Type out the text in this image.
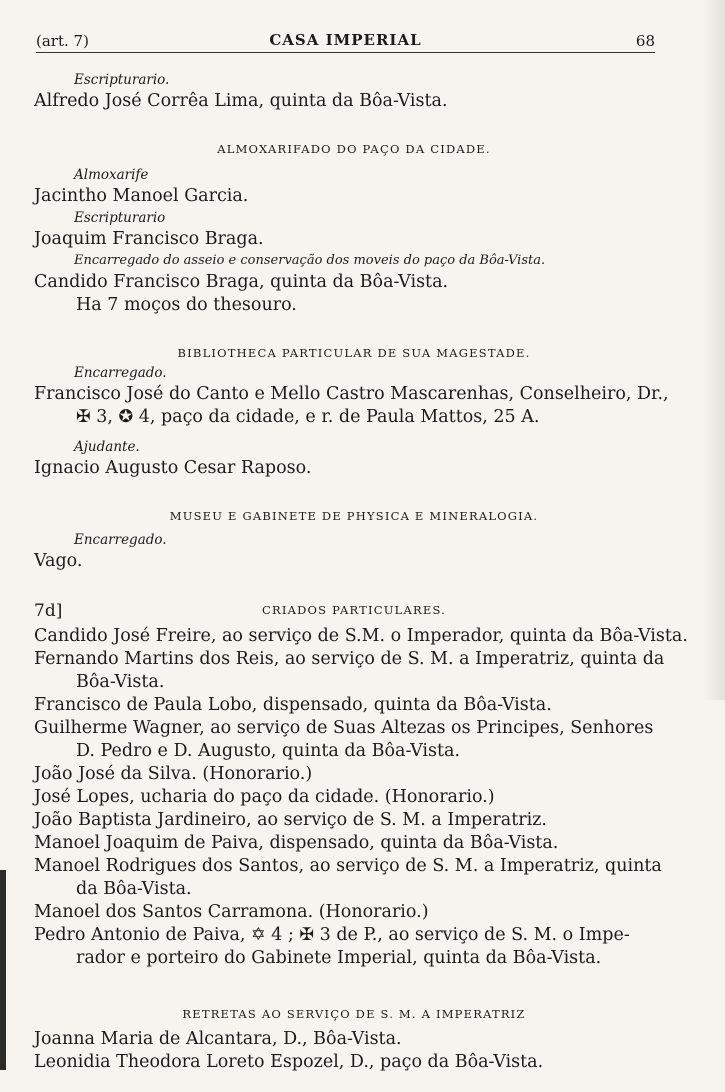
(art. 7)	CASA IMPERIAL	68
Escripturario.
Alfredo José Corrêa Lima, quinta da Bôa-Vista.
ALMOXARIFADO DO PAÇO DA CIDADE.
Almoxarife
Jacintho Manoel Garcia.
Escripturario
Joaquim Francisco Braga.
Encarregado do asseio e conservação dos moveis do paço da Bôa-Vista.
Candido Francisco Braga, quinta da Bôa-Vista.
Ha 7 moços do thesouro.
BIBLIOTHECA PARTICULAR DE SUA MAGESTADE.
Encarregado.
Francisco José do Canto e Mello Castro Mascarenhas, Conselheiro, Dr.,
✠ 3, ✪ 4, paço da cidade, e r. de Paula Mattos, 25 A.
Ajudante.
Ignacio Augusto Cesar Raposo.
MUSEU E GABINETE DE PHYSICA E MINERALOGIA.
Encarregado.
Vago.
7d]	CRIADOS PARTICULARES.
Candido José Freire, ao serviço de S.M. o Imperador, quinta da Bôa-Vista.
Fernando Martins dos Reis, ao serviço de S. M. a Imperatriz, quinta da
Bôa-Vista.
Francisco de Paula Lobo, dispensado, quinta da Bôa-Vista.
Guilherme Wagner, ao serviço de Suas Altezas os Principes, Senhores
D. Pedro e D. Augusto, quinta da Bôa-Vista.
João José da Silva. (Honorario.)
José Lopes, ucharia do paço da cidade. (Honorario.)
João Baptista Jardineiro, ao serviço de S. M. a Imperatriz.
Manoel Joaquim de Paiva, dispensado, quinta da Bôa-Vista.
Manoel Rodrigues dos Santos, ao serviço de S. M. a Imperatriz, quinta
da Bôa-Vista.
Manoel dos Santos Carramona. (Honorario.)
Pedro Antonio de Paiva, ✡ 4 ; ✠ 3 de P., ao serviço de S. M. o Impe-
rador e porteiro do Gabinete Imperial, quinta da Bôa-Vista.
RETRETAS AO SERVIÇO DE S. M. A IMPERATRIZ
Joanna Maria de Alcantara, D., Bôa-Vista.
Leonidia Theodora Loreto Espozel, D., paço da Bôa-Vista.
